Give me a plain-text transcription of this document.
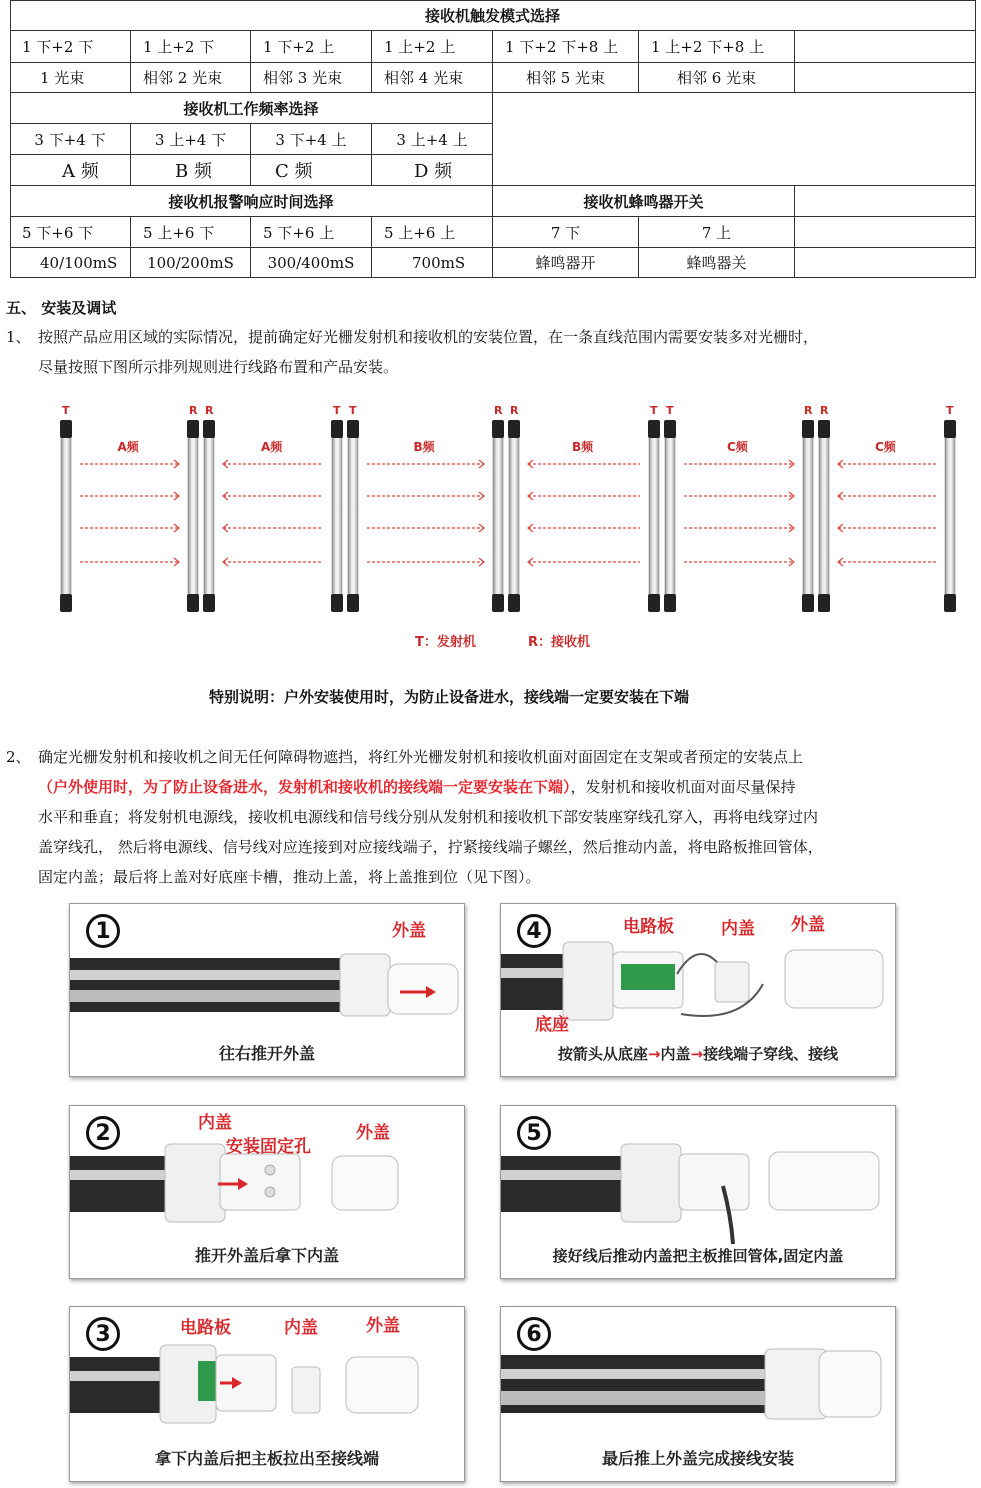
接收机触发模式选择
1 下+2 下	1 上+2 下	1 下+2 上	1 上+2 上	1 下+2 下+8 上	1 上+2 下+8 上
1 光束	相邻 2 光束	相邻 3 光束	相邻 4 光束	相邻 5 光束	相邻 6 光束
接收机工作频率选择
3 下+4 下	3 上+4 下	3 下+4 上	3 上+4 上
A 频	B 频	C 频	D 频
接收机报警响应时间选择	接收机蜂鸣器开关
5 下+6 下	5 上+6 下	5 下+6 上	5 上+6 上	7 下	7 上
40/100mS	100/200mS	300/400mS	700mS	蜂鸣器开	蜂鸣器关
五、 安装及调试
1、 按照产品应用区域的实际情况，提前确定好光栅发射机和接收机的安装位置，在一条直线范围内需要安装多对光栅时，
尽量按照下图所示排列规则进行线路布置和产品安装。
T	R R	T T	R R	T T	R R	T
A频	A频	B频	B频	C频	C频
T：发射机	R：接收机
特别说明：户外安装使用时，为防止设备进水，接线端一定要安装在下端
2、 确定光栅发射机和接收机之间无任何障碍物遮挡，将红外光栅发射机和接收机面对面固定在支架或者预定的安装点上
（户外使用时，为了防止设备进水，发射机和接收机的接线端一定要安装在下端），发射机和接收机面对面尽量保持
水平和垂直；将发射机电源线，接收机电源线和信号线分别从发射机和接收机下部安装座穿线孔穿入，再将电线穿过内
盖穿线孔， 然后将电源线、信号线对应连接到对应接线端子，拧紧接线端子螺丝，然后推动内盖，将电路板推回管体，
固定内盖；最后将上盖对好底座卡槽，推动上盖，将上盖推到位（见下图）。
1	外盖
往右推开外盖
2	内盖
安装固定孔
外盖
推开外盖后拿下内盖
3	电路板	内盖	外盖
拿下内盖后把主板拉出至接线端
4	电路板	内盖 外盖
底座
按箭头从底座→内盖→接线端子穿线、接线
5
接好线后推动内盖把主板推回管体,固定内盖
6
最后推上外盖完成接线安装
